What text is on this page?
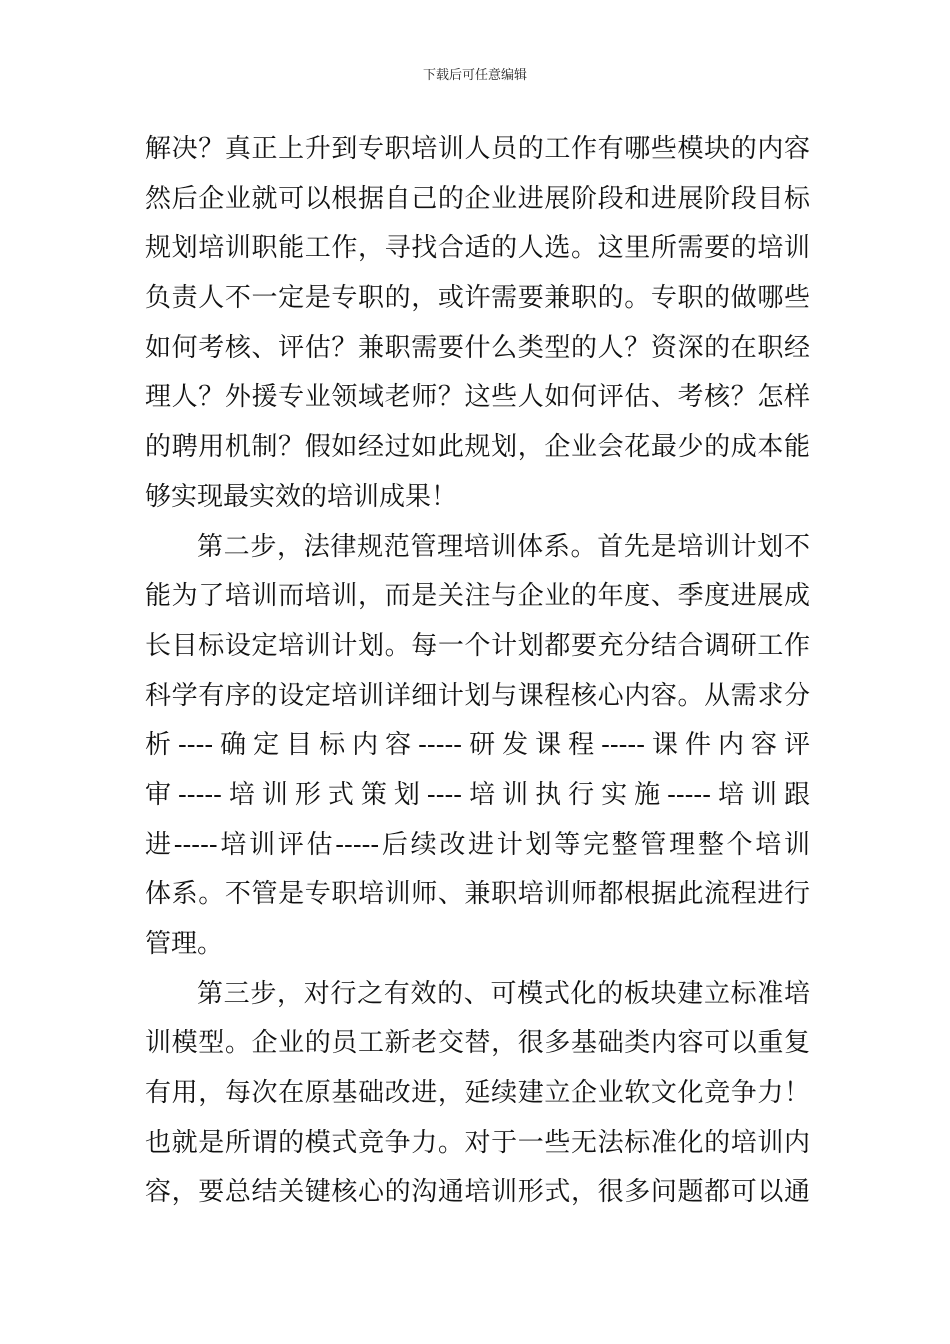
下载后可任意编辑
解决？真正上升到专职培训人员的工作有哪些模块的内容
然后企业就可以根据自己的企业进展阶段和进展阶段目标
规划培训职能工作，寻找合适的人选。这里所需要的培训
负责人不一定是专职的，或许需要兼职的。专职的做哪些
如何考核、评估？兼职需要什么类型的人？资深的在职经
理人？外援专业领域老师？这些人如何评估、考核？怎样
的聘用机制？假如经过如此规划，企业会花最少的成本能
够实现最实效的培训成果！
第二步，法律规范管理培训体系。首先是培训计划不
能为了培训而培训，而是关注与企业的年度、季度进展成
长目标设定培训计划。每一个计划都要充分结合调研工作
科学有序的设定培训详细计划与课程核心内容。从需求分
析----确定目标内容-----研发课程-----课件内容评
审-----培训形式策划----培训执行实施-----培训跟
进-----培训评估-----后续改进计划等完整管理整个培训
体系。不管是专职培训师、兼职培训师都根据此流程进行
管理。
第三步，对行之有效的、可模式化的板块建立标准培
训模型。企业的员工新老交替，很多基础类内容可以重复
有用，每次在原基础改进，延续建立企业软文化竞争力！
也就是所谓的模式竞争力。对于一些无法标准化的培训内
容，要总结关键核心的沟通培训形式，很多问题都可以通
